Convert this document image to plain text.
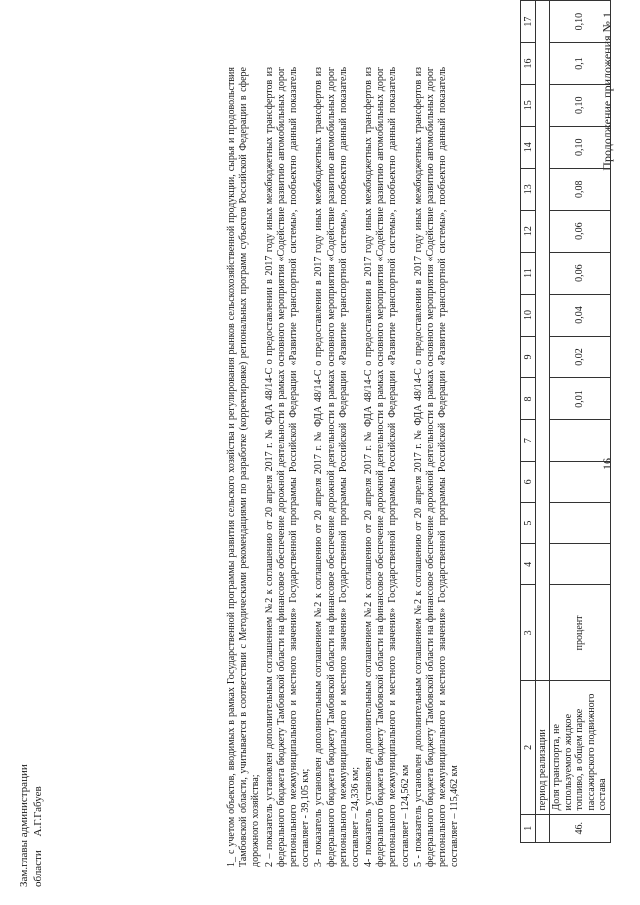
16
Продолжение приложения № 1
1	2	3	4	5	6	7	8	9	10	11	12	13	14	15	16	17
	период реализации															
46.	Доля транспорта, не используемого жидкое топливо, в общем парке пассажирского подвижного состава	процент					0,01	0,02	0,04	0,06	0,06	0,08	0,10	0,10	0,1	0,10

1_ с учетом объектов, вводимых в рамках Государственной программы развития сельского хозяйства и регулирования рынков сельскохозяйственной продукции, сырья и продовольствия Тамбовской области, учитывается в соответствии с Методическими рекомендациями по разработке (корректировке) региональных программ субъектов Российской Федерации в сфере дорожного хозяйства; 2 – показатель установлен дополнительным соглашением №2 к соглашению от 20 апреля 2017 г. № ФДА 48/14-С о предоставлении в 2017 году иных межбюджетных трансфертов из федерального бюджета бюджету Тамбовской области на финансовое обеспечение дорожной деятельности в рамках основного мероприятия «Содействие развитию автомобильных дорог регионального межмуниципального и местного значения» Государственной программы Российской Федерации «Развитие транспортной системы», пообъектно данный показатель составляет - 39,105 км; 3- показатель установлен дополнительным соглашением №2 к соглашению от 20 апреля 2017 г. № ФДА 48/14-С о предоставлении в 2017 году иных межбюджетных трансфертов из федерального бюджета бюджету Тамбовской области на финансовое обеспечение дорожной деятельности в рамках основного мероприятия «Содействие развитию автомобильных дорог регионального межмуниципального и местного значения» Государственной программы Российской Федерации «Развитие транспортной системы», пообъектно данный показатель составляет – 24,336 км; 4- показатель установлен дополнительным соглашением №2 к соглашению от 20 апреля 2017 г. № ФДА 48/14-С о предоставлении в 2017 году иных межбюджетных трансфертов из федерального бюджета бюджету Тамбовской области на финансовое обеспечение дорожной деятельности в рамках основного мероприятия «Содействие развитию автомобильных дорог регионального межмуниципального и местного значения» Государственной программы Российской Федерации «Развитие транспортной системы», пообъектно данный показатель составляет – 124,562 км 5 - показатель установлен дополнительным соглашением №2 к соглашению от 20 апреля 2017 г. № ФДА 48/14-С о предоставлении в 2017 году иных межбюджетных трансфертов из федерального бюджета бюджету Тамбовской области на финансовое обеспечение дорожной деятельности в рамках основного мероприятия «Содействие развитию автомобильных дорог регионального межмуниципального и местного значения» Государственной программы Российской Федерации «Развитие транспортной системы», пообъектно данный показатель составляет – 115,462 км

Зам.главы администрации области     А.Г.Габуев
